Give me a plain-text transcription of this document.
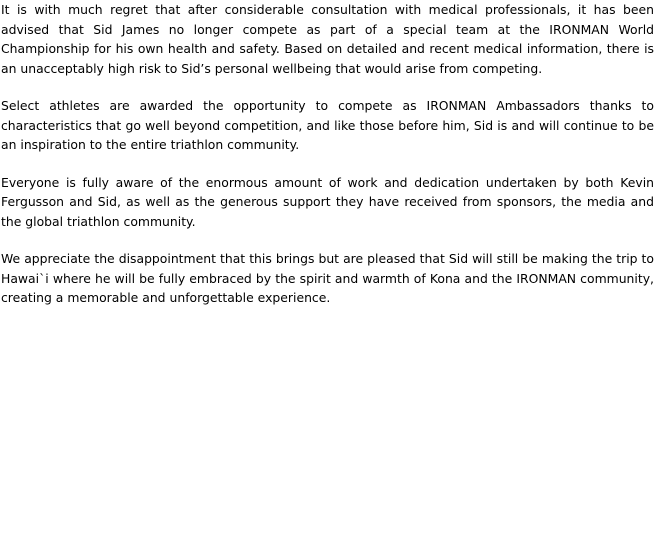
It is with much regret that after considerable consultation with medical professionals, it has been advised that Sid James no longer compete as part of a special team at the IRONMAN World Championship for his own health and safety. Based on detailed and recent medical information, there is an unacceptably high risk to Sid’s personal wellbeing that would arise from competing.

Select athletes are awarded the opportunity to compete as IRONMAN Ambassadors thanks to characteristics that go well beyond competition, and like those before him, Sid is and will continue to be an inspiration to the entire triathlon community.

Everyone is fully aware of the enormous amount of work and dedication undertaken by both Kevin Fergusson and Sid, as well as the generous support they have received from sponsors, the media and the global triathlon community.

We appreciate the disappointment that this brings but are pleased that Sid will still be making the trip to Hawai`i where he will be fully embraced by the spirit and warmth of Kona and the IRONMAN community, creating a memorable and unforgettable experience.
